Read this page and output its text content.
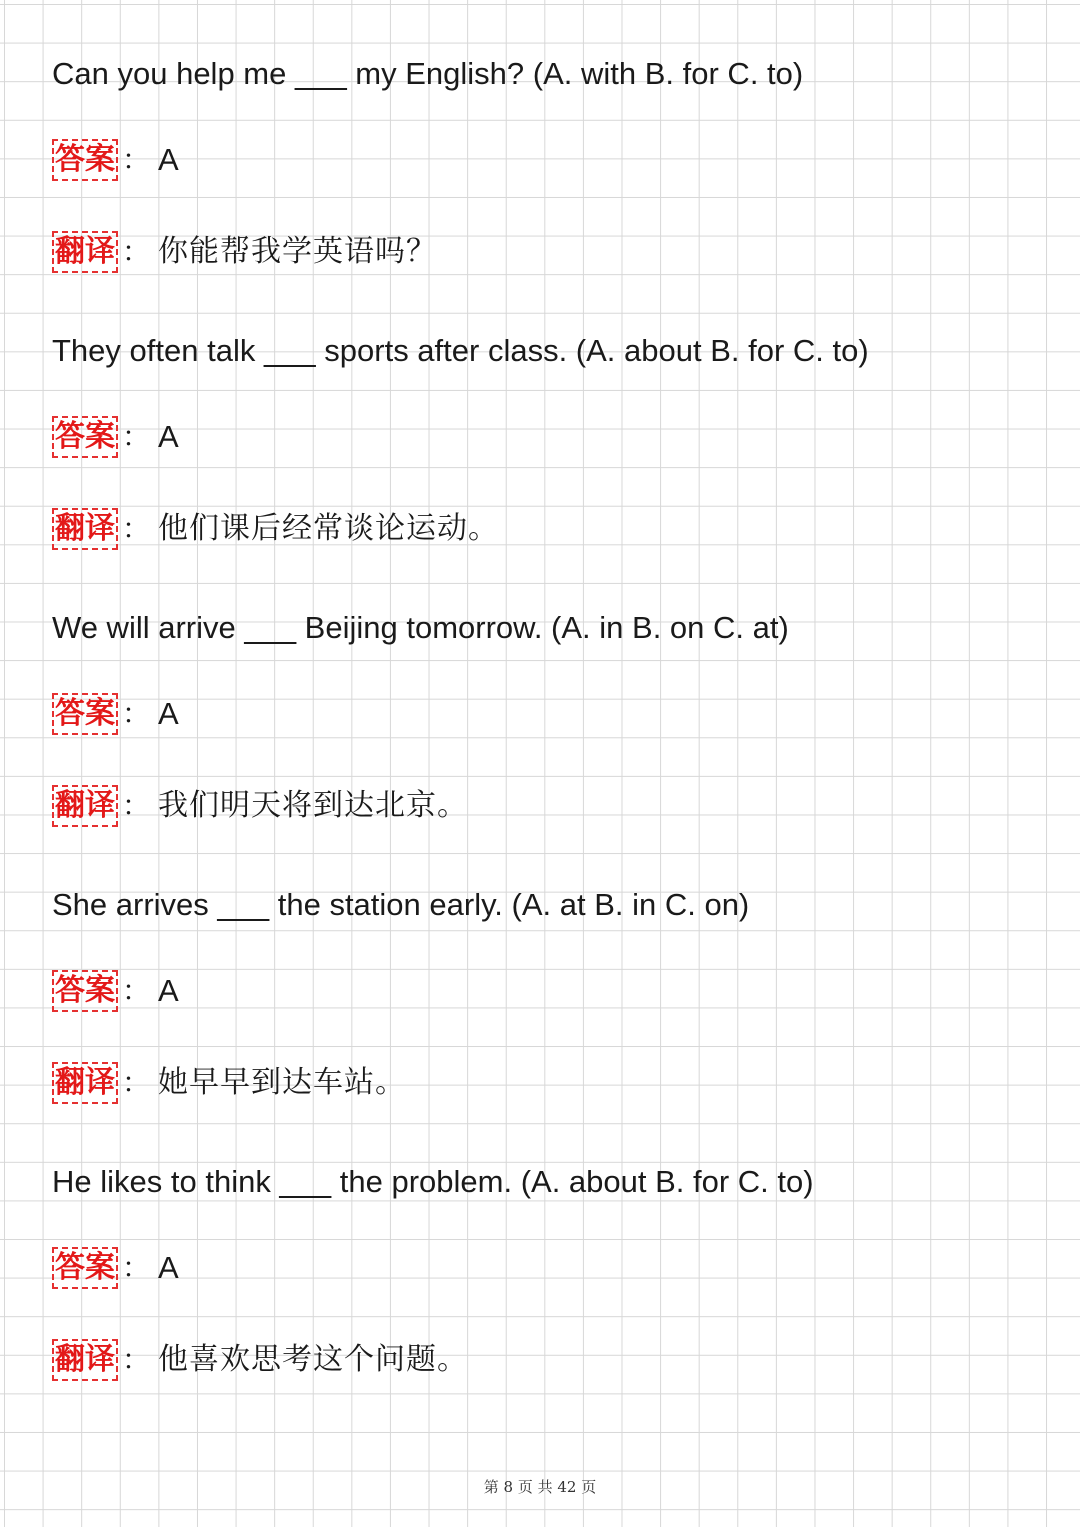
Can you help me ___ my English? (A. with B. for C. to)
答案 ： A
翻译 ： 你能帮我学英语吗？
They often talk ___ sports after class. (A. about B. for C. to)
答案 ： A
翻译 ： 他们课后经常谈论运动。
We will arrive ___ Beijing tomorrow. (A. in B. on C. at)
答案 ： A
翻译 ： 我们明天将到达北京。
She arrives ___ the station early. (A. at B. in C. on)
答案 ： A
翻译 ： 她早早到达车站。
He likes to think ___ the problem. (A. about B. for C. to)
答案 ： A
翻译 ： 他喜欢思考这个问题。
第 8 页 共 42 页
